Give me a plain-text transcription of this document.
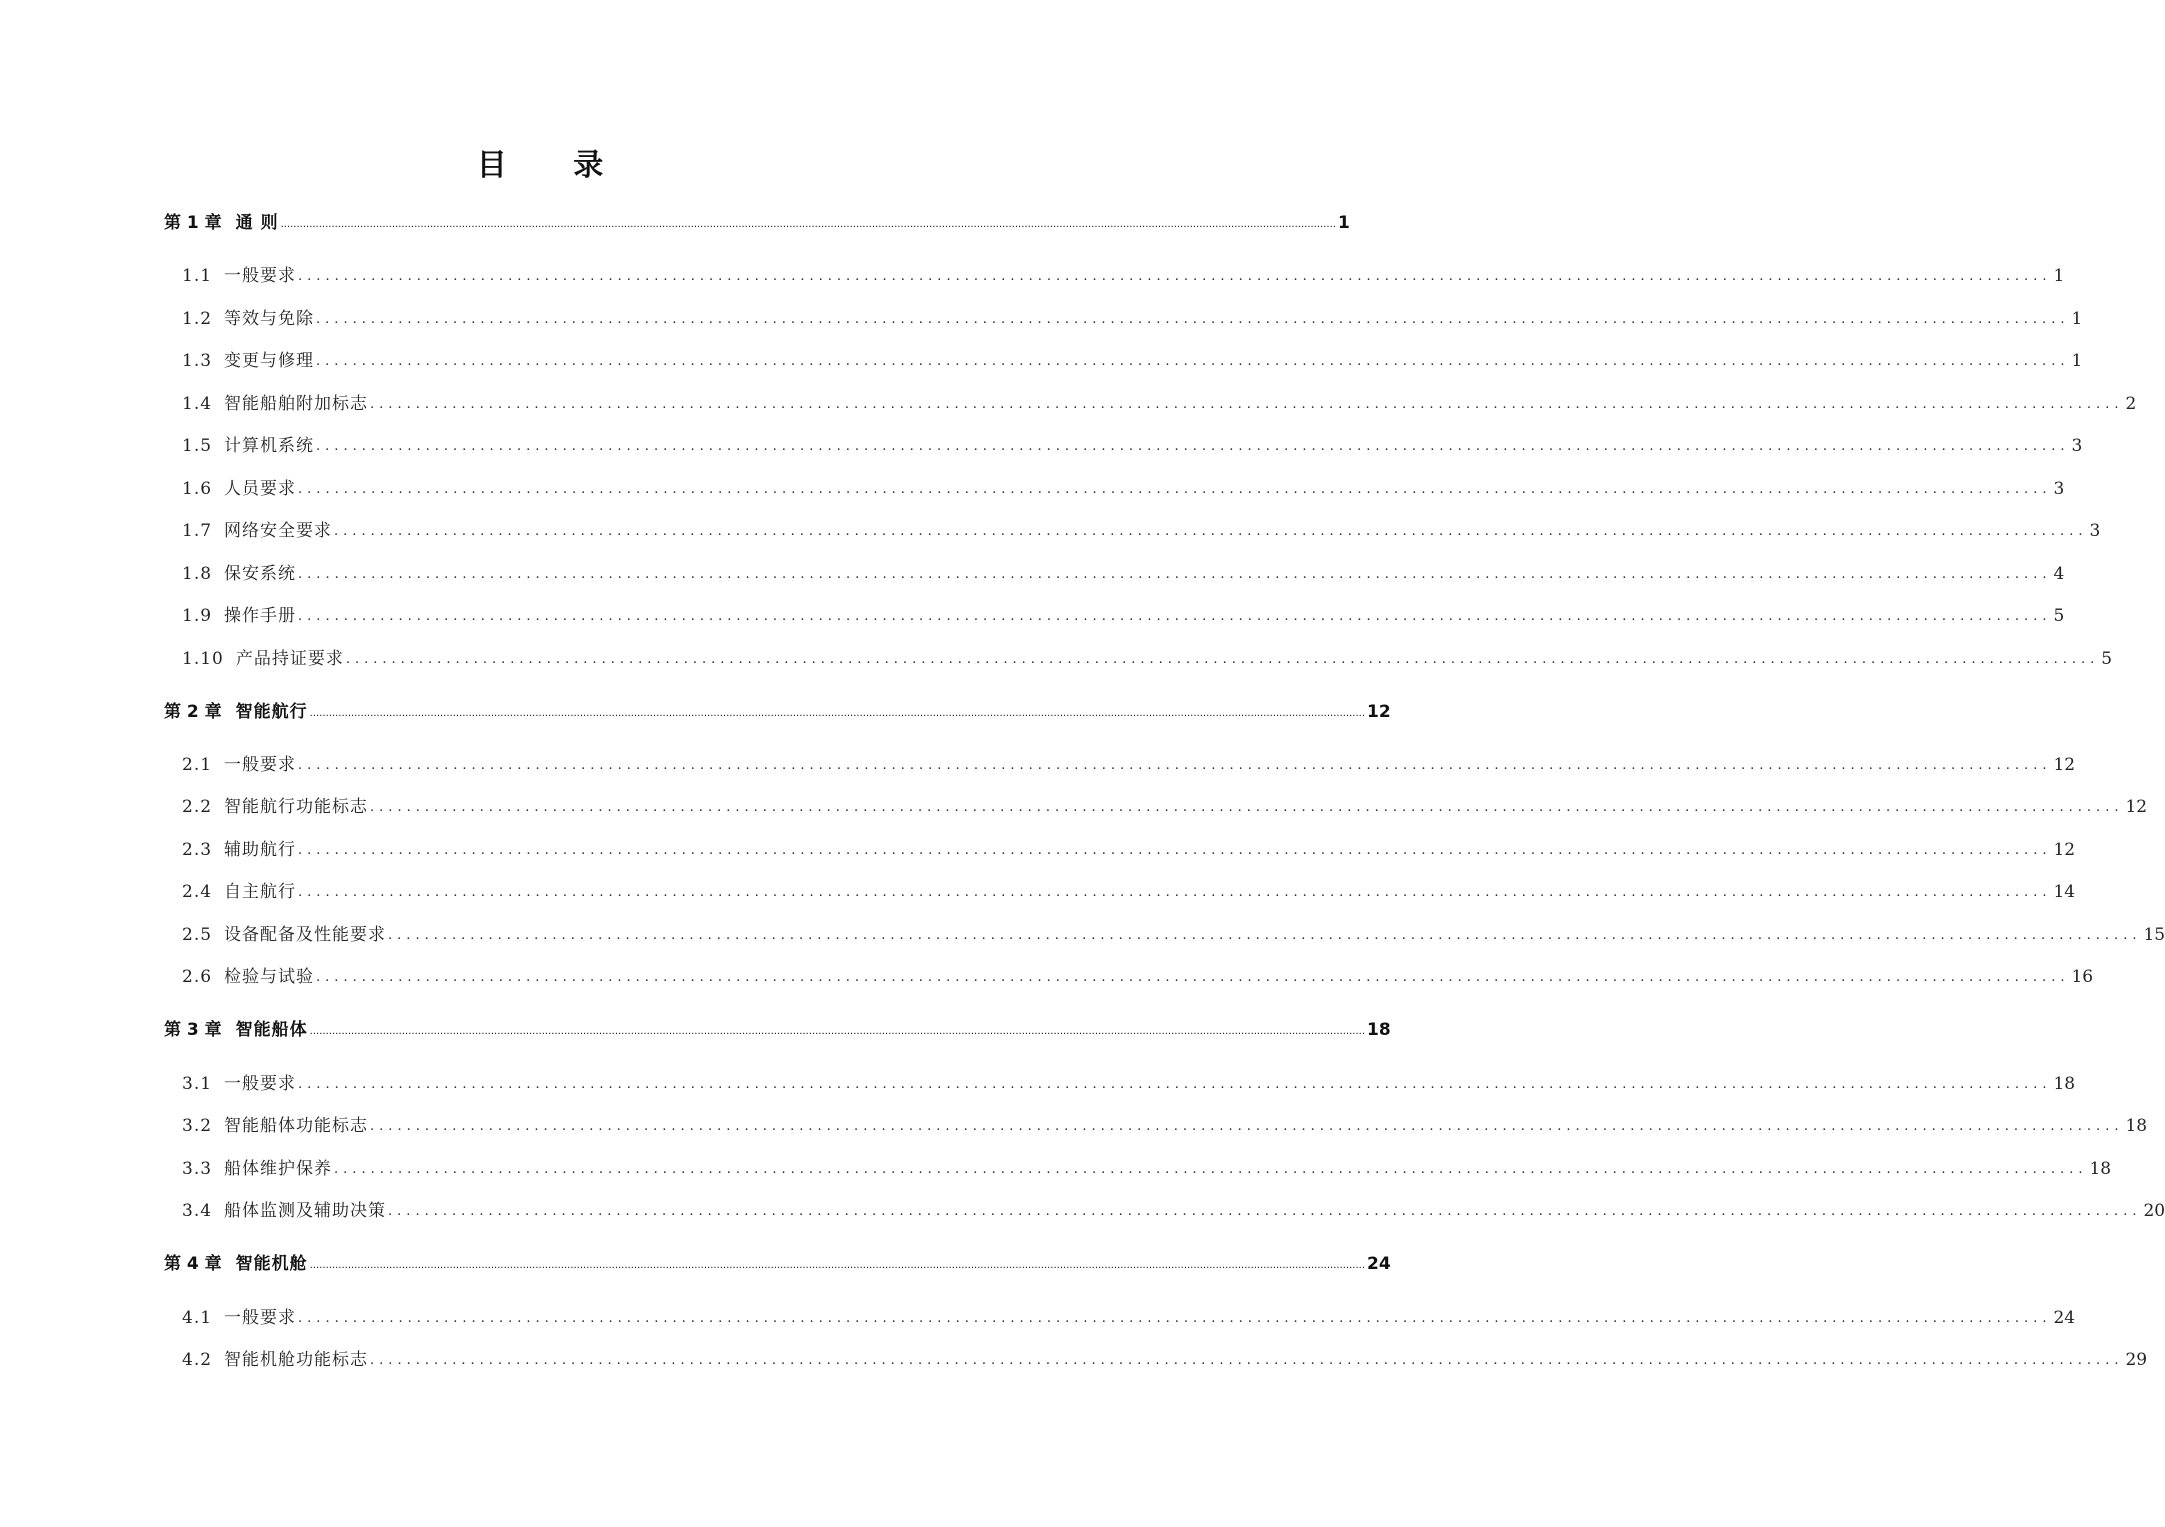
目 录
第 1 章 通 则 ............................................................................................................................................................................................................................................................................................................................................ 1
1.1 一般要求 ................................................................................................................................................................................................ 1
1.2 等效与免除 ................................................................................................................................................................................................ 1
1.3 变更与修理 ................................................................................................................................................................................................ 1
1.4 智能船舶附加标志 ................................................................................................................................................................................................ 2
1.5 计算机系统 ................................................................................................................................................................................................ 3
1.6 人员要求 ................................................................................................................................................................................................ 3
1.7 网络安全要求 ................................................................................................................................................................................................ 3
1.8 保安系统 ................................................................................................................................................................................................ 4
1.9 操作手册 ................................................................................................................................................................................................ 5
1.10 产品持证要求 ................................................................................................................................................................................................ 5
第 2 章 智能航行 ............................................................................................................................................................................................................................................................................................................................................ 12
2.1 一般要求 ................................................................................................................................................................................................ 12
2.2 智能航行功能标志 ................................................................................................................................................................................................ 12
2.3 辅助航行 ................................................................................................................................................................................................ 12
2.4 自主航行 ................................................................................................................................................................................................ 14
2.5 设备配备及性能要求 ................................................................................................................................................................................................ 15
2.6 检验与试验 ................................................................................................................................................................................................ 16
第 3 章 智能船体 ............................................................................................................................................................................................................................................................................................................................................ 18
3.1 一般要求 ................................................................................................................................................................................................ 18
3.2 智能船体功能标志 ................................................................................................................................................................................................ 18
3.3 船体维护保养 ................................................................................................................................................................................................ 18
3.4 船体监测及辅助决策 ................................................................................................................................................................................................ 20
第 4 章 智能机舱 ............................................................................................................................................................................................................................................................................................................................................ 24
4.1 一般要求 ................................................................................................................................................................................................ 24
4.2 智能机舱功能标志 ................................................................................................................................................................................................ 29
